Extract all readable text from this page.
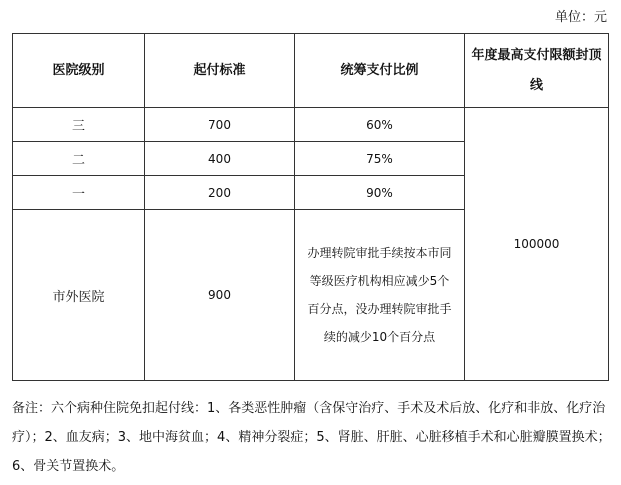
单位：元
医院级别	起付标准	统筹支付比例	年度最高支付限额封顶线

三	700	60%	100000
二	400	75%	
一	200	90%	
市外医院	900	办理转院审批手续按本市同等级医疗机构相应减少5个百分点，没办理转院审批手续的减少10个百分点	
备注：六个病种住院免扣起付线：1、各类恶性肿瘤（含保守治疗、手术及术后放、化疗和非放、化疗治疗）；2、血友病；3、地中海贫血；4、精神分裂症；5、肾脏、肝脏、心脏移植手术和心脏瓣膜置换术；6、骨关节置换术。
